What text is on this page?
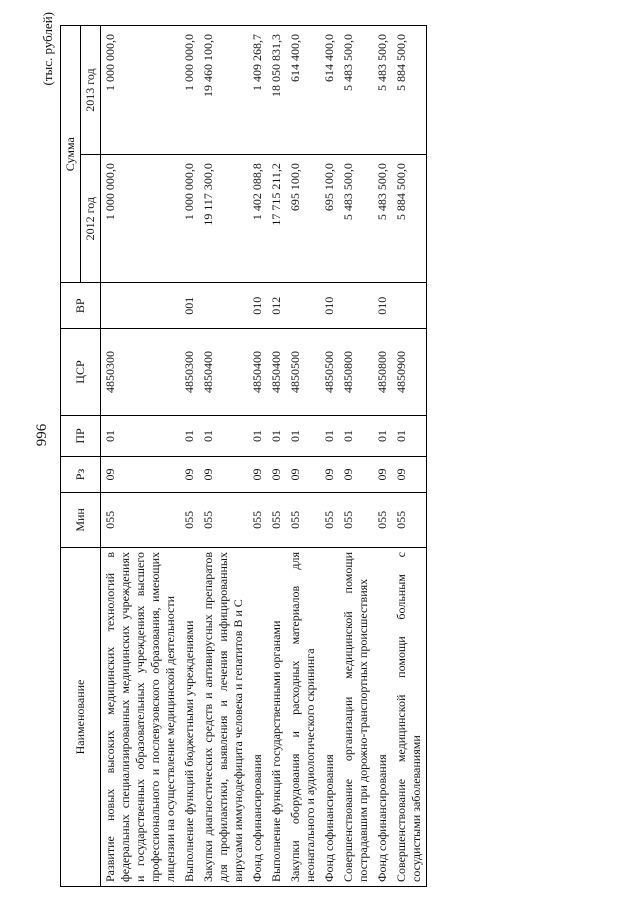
996
(тыс. рублей)
Наименование	Мин	Рз	ПР	ЦСР	ВР	Сумма	
						2012 год	2013 год
Развитие новых высоких медицинских технологий в федеральных специализированных медицинских учреждениях и государственных образовательных учреждениях высшего профессионального и послевузовского образования, имеющих лицензии на осуществление медицинской деятельности	055	09	01	4850300		1 000 000,0	1 000 000,0
Выполнение функций бюджетными учреждениями	055	09	01	4850300	001	1 000 000,0	1 000 000,0
Закупки диагностических средств и антивирусных препаратов для профилактики, выявления и лечения инфицированных вирусами иммунодефицита человека и гепатитов В и С	055	09	01	4850400		19 117 300,0	19 460 100,0
Фонд софинансирования	055	09	01	4850400	010	1 402 088,8	1 409 268,7
Выполнение функций государственными органами	055	09	01	4850400	012	17 715 211,2	18 050 831,3
Закупки оборудования и расходных материалов для неонатального и аудиологического скрининга	055	09	01	4850500		695 100,0	614 400,0
Фонд софинансирования	055	09	01	4850500	010	695 100,0	614 400,0
Совершенствование организации медицинской помощи пострадавшим при дорожно-транспортных происшествиях	055	09	01	4850800		5 483 500,0	5 483 500,0
Фонд софинансирования	055	09	01	4850800	010	5 483 500,0	5 483 500,0
Совершенствование медицинской помощи больным с сосудистыми заболеваниями	055	09	01	4850900		5 884 500,0	5 884 500,0
